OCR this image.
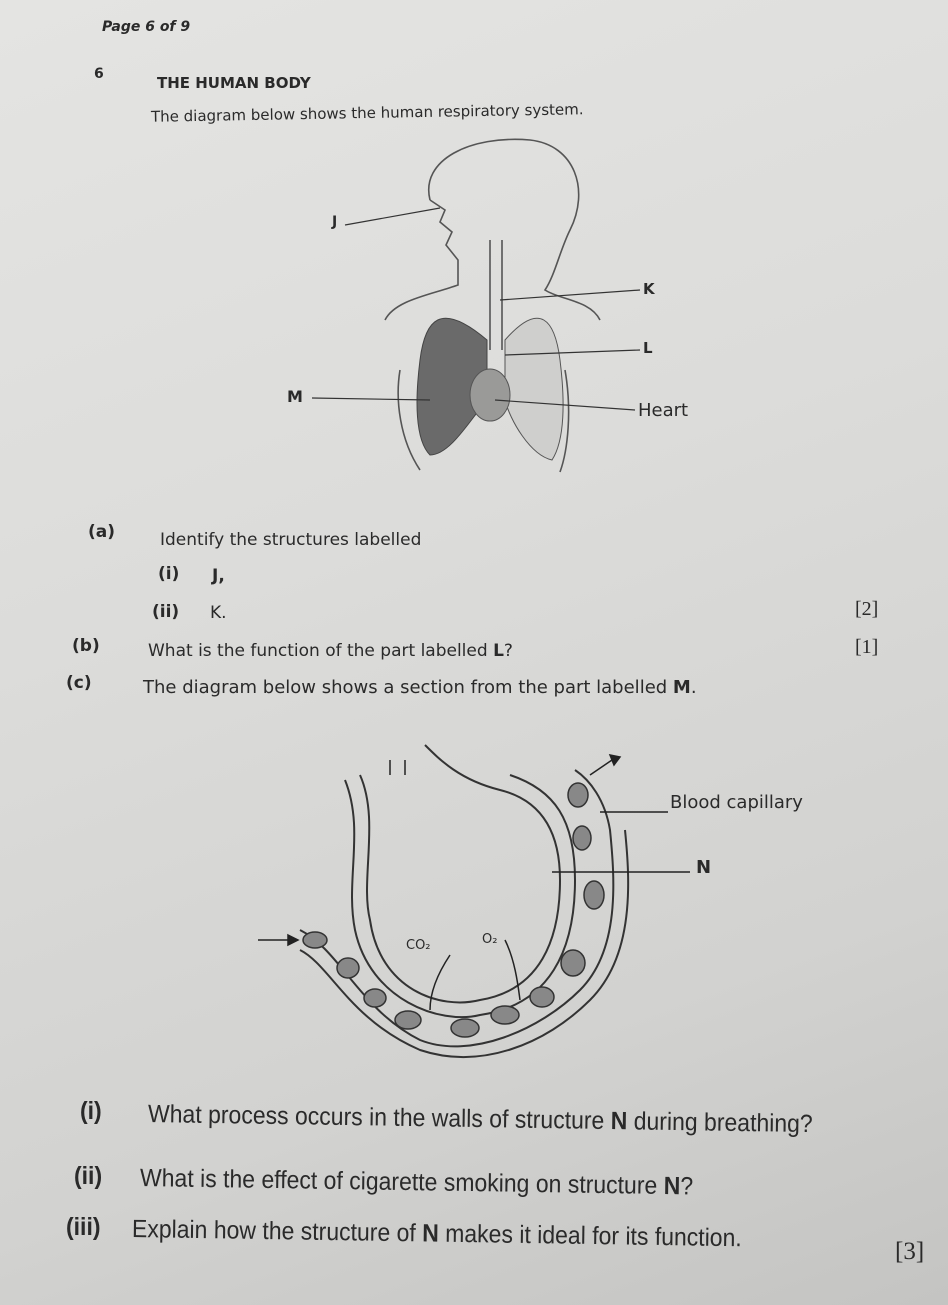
Page 6 of 9
6	THE HUMAN BODY
The diagram below shows the human respiratory system.
J
K
L
M
Heart
(a)	Identify the structures labelled
(i) J,
(ii) K.	[2]
(b)	What is the function of the part labelled L?	[1]
(c)	The diagram below shows a section from the part labelled M.
Blood capillary
N
CO₂	O₂
(i) What process occurs in the walls of structure N during breathing?
(ii) What is the effect of cigarette smoking on structure N?
(iii) Explain how the structure of N makes it ideal for its function.	[3]
